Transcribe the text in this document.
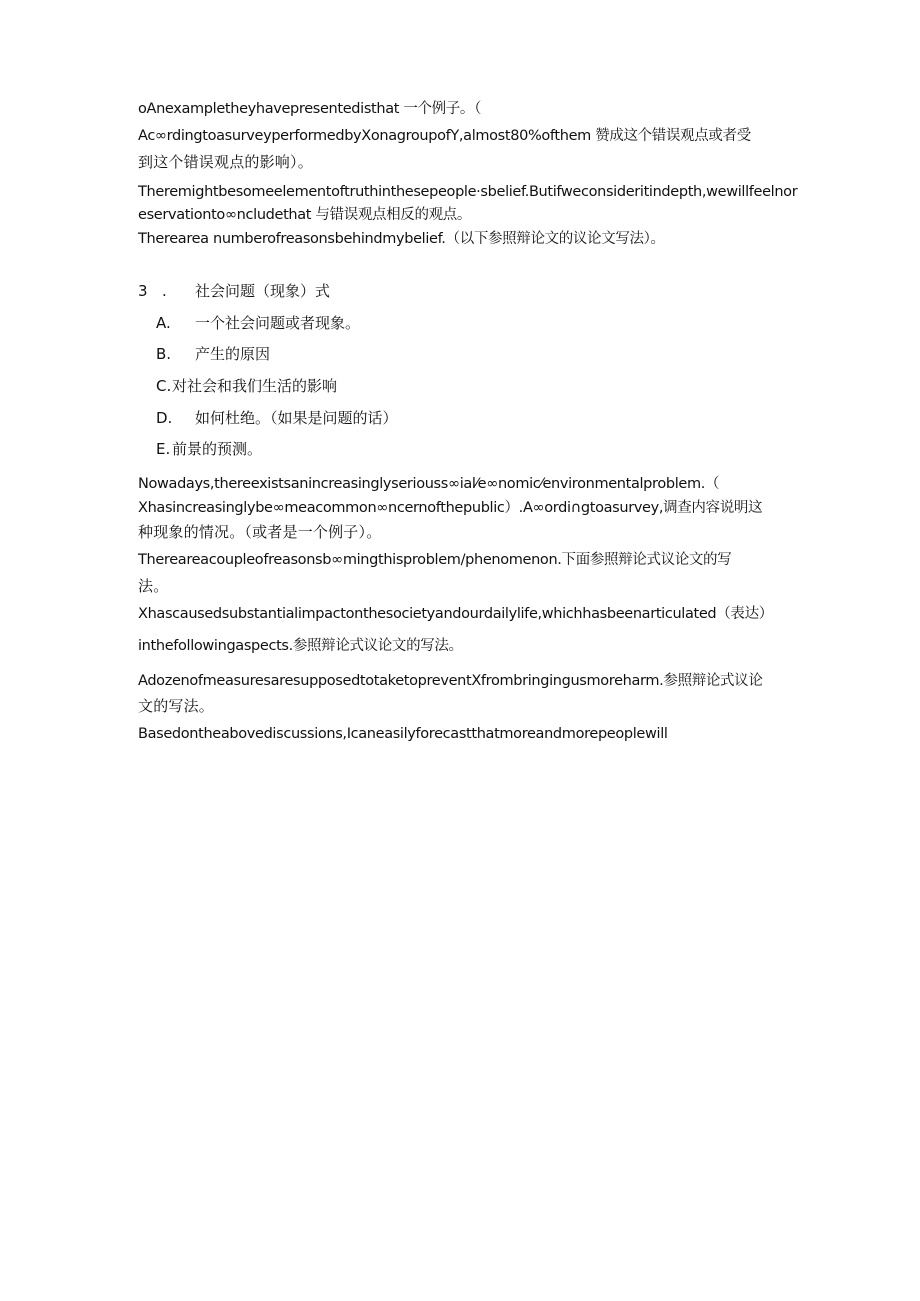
oAnexampletheyhavepresentedisthat 一个例子。（
Ac∞rdingtoasurveyperformedbyXonagroupofY,almost80%ofthem 赞成这个错误观点或者受
到这个错误观点的影响）。
Theremightbesomeelementoftruthinthesepeople·sbelief.Butifweconsideritindepth,wewillfeelnor
eservationto∞ncludethat 与错误观点相反的观点。
Therearea numberofreasonsbehindmybelief.（以下参照辩论文的议论文写法）。
3 . 社会问题（现象）式
A. 一个社会问题或者现象。
B. 产生的原因
C. 对社会和我们生活的影响
D. 如何杜绝。（如果是问题的话）
E. 前景的预测。
Nowadays,thereexistsanincreasinglyseriouss∞ial⁄e∞nomic⁄environmentalproblem.（
Xhasincreasinglybe∞meacommon∞ncernofthepublic）.A∞ordi∩gtoasurvey,调查内容说明这
种现象的情况。（或者是一个例子）。
Thereareacoupleofreasonsb∞mingthisproblem/phenomenon.下面参照辩论式议论文的写
法。
Xhascausedsubstantialimpactonthesocietyandourdailylife,whichhasbeenarticulated（表达）
inthefollowingaspects.参照辩论式议论文的写法。
AdozenofmeasuresaresupposedtotaketopreventXfrombringingusmoreharm.参照辩论式议论
文的写法。
Basedontheabovediscussions,Icaneasilyforecastthatmoreandmorepeoplewill
